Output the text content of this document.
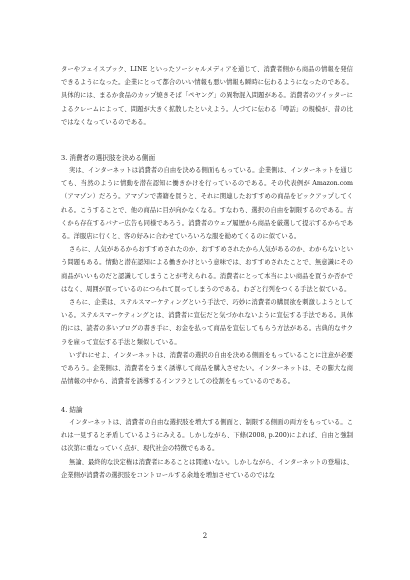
ターやフェイスブック、LINE といったソーシャルメディアを通じて、消費者側から商品の情報を発信できるようになった。企業にとって都合のいい情報も悪い情報も瞬時に伝わるようになったのである。具体的には、まるか食品のカップ焼きそば「ペヤング」の異物混入問題がある。消費者のツイッターによるクレームによって、問題が大きく拡散したといえよう。人づてに伝わる「噂話」の規模が、昔の比ではなくなっているのである。

3. 消費者の選択肢を決める側面

実は、インターネットは消費者の自由を決める側面ももっている。企業側は、インターネットを通じても、当然のように情動を潜在認知に働きかけを行っているのである。その代表例が Amazon.com（アマゾン）だろう。アマゾンで書籍を買うと、それに関連したおすすめの商品をピックアップしてくれる。こうすることで、他の商品に目が向かなくなる。すなわち、選択の自由を制限するのである。古くから存在するバナー広告も同様であろう。消費者のウェブ履歴から商品を厳選して提示するからである。洋服店に行くと、客の好みに合わせていろいろな服を勧めてくるのに似ている。

さらに、人気があるからおすすめされたのか、おすすめされたから人気があるのか、わからないという問題もある。情動と潜在認知による働きかけという意味では、おすすめされたことで、無意識にその商品がいいものだと認識してしまうことが考えられる。消費者にとって本当によい商品を買うか否かではなく、周囲が買っているのにつられて買ってしまうのである。わざと行列をつくる手法と似ている。

さらに、企業は、ステルスマーケティングという手法で、巧妙に消費者の購買欲を刺激しようとしている。ステルスマーケティングとは、消費者に宣伝だと気づかれないように宣伝する手法である。具体的には、読者の多いブログの書き手に、お金を払って商品を宣伝してもらう方法がある。古典的なサクラを雇って宣伝する手法と類似している。

いずれにせよ、インターネットは、消費者の選択の自由を決める側面をもっていることに注意が必要であろう。企業側は、消費者をうまく誘導して商品を購入させたい。インターネットは、その膨大な商品情報の中から、消費者を誘導するインフラとしての役割をもっているのである。

4. 結論

インターネットは、消費者の自由な選択肢を増大する側面と、制限する側面の両方をもっている。これは一見すると矛盾しているようにみえる。しかしながら、下條(2008, p.200)によれば、自由と強制は次第に重なっていく点が、現代社会の特徴でもある。

無論、最終的な決定権は消費者にあることは間違いない。しかしながら、インターネットの登場は、企業側が消費者の選択肢をコントロールする余地を増加させているのではな

2
